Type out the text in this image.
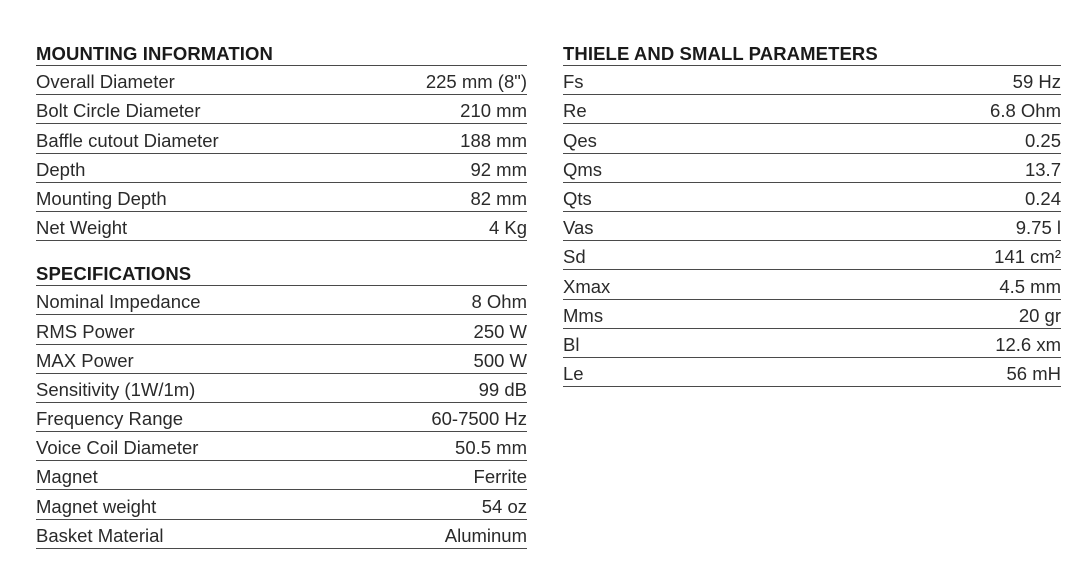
MOUNTING INFORMATION
Overall Diameter	225 mm (8")
Bolt Circle Diameter	210 mm
Baffle cutout Diameter	188 mm
Depth	92 mm
Mounting Depth	82 mm
Net Weight	4 Kg
SPECIFICATIONS
Nominal Impedance	8 Ohm
RMS Power	250 W
MAX Power	500 W
Sensitivity (1W/1m)	99 dB
Frequency Range	60-7500 Hz
Voice Coil Diameter	50.5 mm
Magnet	Ferrite
Magnet weight	54 oz
Basket Material	Aluminum
THIELE AND SMALL PARAMETERS
Fs	59 Hz
Re	6.8 Ohm
Qes	0.25
Qms	13.7
Qts	0.24
Vas	9.75 l
Sd	141 cm²
Xmax	4.5 mm
Mms	20 gr
Bl	12.6 xm
Le	56 mH
